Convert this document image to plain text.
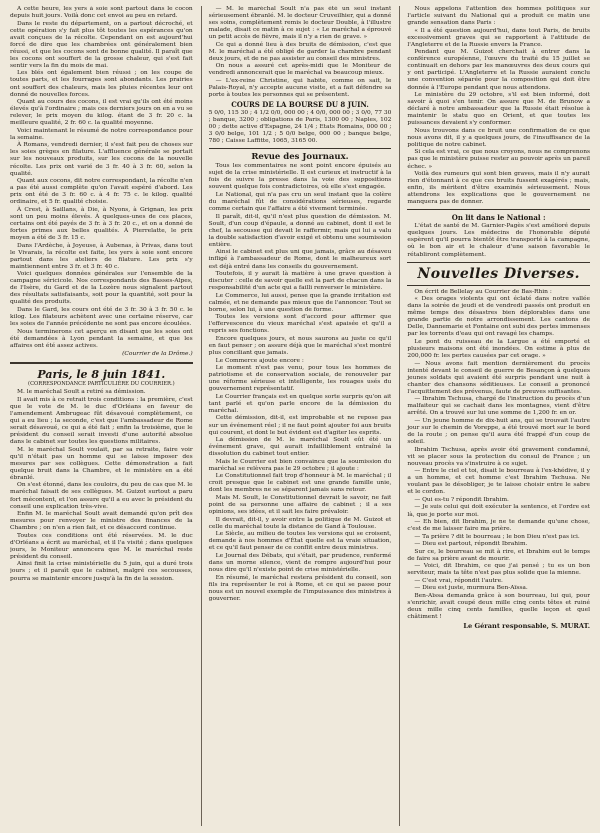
A cette heure, les yers à soie sont partout dans le cocon depuis huit jours. Voilà donc cet envoi au peu en retard.

Dans le reste du département, on a partout décroché, et cette opération s'y fait plus tôt toutes les espérances qu'on avait conçues de la récolte. Cependant on est aujourd'hui forcé de dire que les chambrées ont généralement bien réussi, et que les cocons sont de bonne qualité. Il paraît que les cocons ont souffert de la grosse chaleur, qui s'est fait sentir vers la fin du mois de mai.

Les blés ont également bien réussi ; on les coupe de toutes parts, et les fourrages sont abondants. Les prairies ont souffert des chaleurs, mais les pluies récentes leur ont donné de nouvelles forces.

Quant au cours des cocons, il est vrai qu'ils ont été moins élevés qu'à l'ordinaire ; mais ces derniers jours on en a vu se relever, le prix moyen du kilog. étant de 3 fr. 20 c. la meilleure qualité, 2 fr. 60 c. la qualité moyenne.

Voici maintenant le résumé de notre correspondance pour la semaine.

À Romans, vendredi dernier, il s'est fait peu de choses sur les soies grèges en filature. L'affluence générale se portait sur les nouveaux produits, sur les cocons de la nouvelle récolte. Les prix ont varié de 3 fr. 40 à 3 fr. 60, selon la qualité.

Quant aux cocons, dit notre correspondant, la récolte n'en a pas été aussi complète qu'on l'avait espéré d'abord. Les prix ont été de 3 fr. 60 c. à 4 fr. 75 c. le kilog. qualité ordinaire, et 5 fr. qualité choisie.

À Crest, à Saillans, à Die, à Nyons, à Grignan, les prix sont un peu moins élevés. À quelques-unes de ces places, certains ont été payés de 3 fr. à 3 fr. 20 c., et on a donné de fortes primes aux belles qualités. À Pierrelatte, le prix moyen a été de 3 fr. 15 c.

Dans l'Ardèche, à Joyeuse, à Aubenas, à Privas, dans tout le Vivarais, la récolte est faite, les yers à soie sont encore partout dans les ateliers de filature. Les prix s'y maintiennent entre 3 fr. et 3 fr. 40 c.

Voici quelques données générales sur l'ensemble de la campagne séricicole. Nos correspondants des Basses-Alpes, de l'Isère, du Gard et de la Lozère nous signalent partout des résultats satisfaisants, soit pour la quantité, soit pour la qualité des produits.

Dans le Gard, les cours ont été de 3 fr. 30 à 3 fr. 50 c. le kilog. Les filateurs achètent avec une certaine réserve, car les soies de l'année précédente ne sont pas encore écoulées.

Nous terminerons cet aperçu en disant que les soies ont été demandées à Lyon pendant la semaine, et que les affaires ont été assez actives.

(Courrier de la Drôme.)
Paris, le 8 juin 1841.
(CORRESPONDANCE PARTICULIÈRE DU COURRIER.)

M. le maréchal Soult a retiré sa démission.

Il avait mis à ce retrait trois conditions : la première, c'est que le vote de M. le duc d'Orléans en faveur de l'amendement Ambrugeac fût désavoué complètement, ce qui a eu lieu ; la seconde, c'est que l'ambassadeur de Rome serait désavoué, ce qui a été fait ; enfin la troisième, que le président du conseil serait investi d'une autorité absolue dans le cabinet sur toutes les questions militaires.

M. le maréchal Soult voulait, par sa retraite, faire voir qu'il n'était pas un homme qui se laisse imposer des mesures par ses collègues. Cette démonstration a fait quelque bruit dans la Chambre, et le ministère en a été ébranlé.

On s'est étonné, dans les couloirs, du peu de cas que M. le maréchal faisait de ses collègues. M. Guizot surtout a paru fort mécontent, et l'on assure qu'il a eu avec le président du conseil une explication très-vive.

Enfin M. le maréchal Soult avait demandé qu'on prît des mesures pour renvoyer le ministre des finances de la Chambre ; on n'en a rien fait, et ce désaccord continue.

Toutes ces conditions ont été réservées. M. le duc d'Orléans a écrit au maréchal, et il l'a visité ; dans quelques jours, le Moniteur annoncera que M. le maréchal reste président du conseil.

Ainsi finit la crise ministérielle du 5 juin, qui a duré trois jours ; et il paraît que le cabinet, malgré ces secousses, pourra se maintenir encore jusqu'à la fin de la session.

— M. le maréchal Soult n'a pas été un seul instant sérieusement ébranlé. M. le docteur Cruveilhier, qui a donné ses soins, complètement remis le docteur Double, à l'illustre malade, disait ce matin à ce sujet : « Le maréchal a éprouvé un petit accès de fièvre, mais il n'y a rien de grave. »

Ce qui a donné lieu à des bruits de démission, c'est que M. le maréchal a été obligé de garder la chambre pendant deux jours, et de ne pas assister au conseil des ministres.

On nous a assuré cet après-midi que le Moniteur de vendredi annoncerait que le maréchal va beaucoup mieux.

— L'ex-reine Christine, qui habite, comme on sait, le Palais-Royal, n'y accepte aucune visite, et a fait défendre sa porte à toutes les personnes qui se présentent.

COURS DE LA BOURSE DU 8 JUIN.

5 0/0, 115 30 ; 4 1/2 0/0, 000 00 ; 4 0/0, 000 00 ; 3 0/0, 77 30 ; banque, 3200 ; obligations de Paris, 1300 00 ; Naples, 102 00 ; dette active d'Espagne, 24 1/4 ; Etats Romains, 000 00 ; 3 0/0 belge, 101 1/2 ; 5 0/0 belge, 000 00 ; banque belge, 780 ; Caisse Laffitte, 1065, 3165 00.

Revue des Journaux.

Tous les commentaires ne sont point encore épuisés au sujet de la crise ministérielle. Il est curieux et instructif à la fois de suivre la presse dans la voie des suppositions souvent quelque fois contradictoires, où elle s'est engagée.

Le National, qui n'a pas cru un seul instant que la colère du maréchal fût de considérations sérieuses, regarde comme certain que l'affaire a été vivement terminée.

Il paraît, dit-il, qu'il n'est plus question de démission. M. Soult, d'un coup d'épaule, a donné au cabinet, dont il est le chef, la secousse qui devait le raffermir, mais qui lui a valu la double satisfaction d'avoir exigé et obtenu une soumission entière.

Ainsi le cabinet est plus uni que jamais, grâce au désaveu infligé à l'ambassadeur de Rome, dont le malheureux sort est déjà entré dans les conseils du gouvernement.

Toutefois, il y aurait là matière à une grave question à discuter : celle de savoir quelle est la part de chacun dans la responsabilité d'un acte qui a failli renverser le ministère.

Le Commerce, lui aussi, pense que la grande irritation est calmée, et ne demande pas mieux que de l'annoncer. Tout se borne, selon lui, à une question de forme.

Toutes les versions sont d'accord pour affirmer que l'effervescence du vieux maréchal s'est apaisée et qu'il a repris ses fonctions.

Encore quelques jours, et nous saurons au juste ce qu'il en faut penser ; on assure déjà que le maréchal s'est montré plus conciliant que jamais.

Le Commerce ajoute encore :

Le moment n'est pas venu, pour tous les hommes de patriotisme et de conservation sociale, de renouveler par une réforme sérieuse et intelligente, les rouages usés du gouvernement représentatif.

Le Courrier français est en quelque sorte surpris qu'on ait tant parlé et qu'on parle encore de la démission du maréchal.

Cette démission, dit-il, est improbable et ne repose pas sur un événement réel ; il ne faut point ajouter foi aux bruits qui courent, et dont le but évident est d'agiter les esprits.

La démission de M. le maréchal Soult eût été un événement grave, qui aurait infailliblement entraîné la dissolution du cabinet tout entier.

Mais le Courrier est bien convaincu que la soumission du maréchal se relèvera pas le 29 octobre ; il ajoute :

Le Constitutionnel fait trop d'honneur à M. le maréchal ; il croit presque que le cabinet est une grande famille unie, dont les membres ne se séparent jamais sans retour.

Mais M. Soult, le Constitutionnel devrait le savoir, ne fait point de sa personne une affaire de cabinet ; il a ses opinions, ses idées, et il sait les faire prévaloir.

Il devrait, dit-il, y avoir entre la politique de M. Guizot et celle du maréchal toute la distance de Gand à Toulouse.

Le Siècle, au milieu de toutes les versions qui se croisent, demande à nos hommes d'État quelle est la vraie situation, et ce qu'il faut penser de ce conflit entre deux ministres.

Le Journal des Débats, qui s'était, par prudence, renfermé dans un morne silence, vient de rompre aujourd'hui pour nous dire qu'il n'existe point de crise ministérielle.

En résumé, le maréchal restera président du conseil, son fils ira représenter le roi à Rome, et ce qui se passe pour nous est un nouvel exemple de l'impuissance des ministres à gouverner.

Nous appelons l'attention des hommes politiques sur l'article suivant du National qui a produit ce matin une grande sensation dans Paris :

« Il a été question aujourd'hui, dans tout Paris, de bruits excessivement graves qui se rapportent à l'attitude de l'Angleterre et de la Russie envers la France.

Pendant que M. Guizot cherchait à entrer dans la conférence européenne, l'œuvre du traité du 15 juillet se continuait en dehors par les manœuvres des deux cours qui y ont participé. L'Angleterre et la Russie auraient conclu une convention séparée pour la composition qui doit être donnée à l'Europe pendant que nous attendons.

Le ministère du 29 octobre, s'il est bien informé, doit savoir à quoi s'en tenir. On assure que M. de Brunow a déclaré à notre ambassadeur que la Russie était résolue à maintenir le statu quo en Orient, et que toutes les puissances devaient s'y conformer.

Nous trouvons dans ce bruit une confirmation de ce que nous avons dit, il y a quelques jours, de l'insuffisance de la politique de notre cabinet.

Si cela est vrai, ce que nous croyons, nous ne comprenons pas que le ministère puisse rester au pouvoir après un pareil échec. »

Voilà des rumeurs qui sont bien graves, mais il n'y aurait rien d'étonnant à ce que ces bruits fussent exagérés ; mais, enfin, ils méritent d'être examinés sérieusement. Nous attendrons les explications que le gouvernement ne manquera pas de donner.

On lit dans le National :

L'état de santé de M. Garnier-Pagès s'est amélioré depuis quelques jours. Les médecins de l'honorable député espèrent qu'il pourra bientôt être transporté à la campagne, où le bon air et le chaleur d'une saison favorable le rétabliront complètement.

Nouvelles Diverses.

On écrit de Bellelay au Courrier de Bas-Rhin :

« Des orages violents qui ont éclaté dans notre vallée dans la soirée de jeudi et de vendredi passés ont produit en même temps des désastres bien déplorables dans une grande partie de notre arrondissement. Les cantons de Delle, Dannemarie et Fontaine ont subi des pertes immenses par les torrents d'eau qui ont ravagé les champs.

Le pont du ruisseau de la Largue a été emporté et plusieurs maisons ont été inondées. On estime à plus de 200,000 fr. les pertes causées par cet orage. »

— Nous avons fait mention dernièrement du procès intenté devant le conseil de guerre de Besançon à quelques jeunes soldats qui avaient été surpris pendant une nuit à chanter des chansons séditieuses. Le conseil a prononcé l'acquittement des prévenus, faute de preuves suffisantes.

— Ibrahim Tschusa, chargé de l'instruction du procès d'un malfaiteur qui se cachait dans les montagnes, vient d'être arrêté. On a trouvé sur lui une somme de 1,200 fr. en or.

— Un jeune homme de dix-huit ans, qui se trouvait l'autre jour sur le chemin de Voreppe, a été trouvé mort sur le bord de la route ; on pense qu'il aura été frappé d'un coup de soleil.

Ibrahim Tschusa, après avoir été gravement condamné, vit se placer sous la protection du consul de France ; un nouveau procès va s'instruire à ce sujet.

— Entre le ciel et toi, disait le bourreau à l'ex-khédive, il y a un homme, et cet homme c'est Ibrahim Tschusa. Ne voulant pas le désobliger, je te laisse choisir entre le sabre et le cordon.

— Qui es-tu ? répondit Ibrahim.

— Je suis celui qui doit exécuter la sentence, et l'ordre est là, que je porte sur moi.

— Eh bien, dit Ibrahim, je ne te demande qu'une chose, c'est de me laisser faire ma prière.

— Ta prière ? dit le bourreau ; le bon Dieu n'est pas ici.

— Dieu est partout, répondit Ibrahim.

Sur ce, le bourreau se mit à rire, et Ibrahim eut le temps de faire sa prière avant de mourir.

— Voici, dit Ibrahim, ce que j'ai pensé ; tu es un bon serviteur, mais ta tête n'est pas plus solide que la mienne.

— C'est vrai, répondit l'autre.

— Dieu est juste, murmura Ben-Aïssa.

Ben-Aïssa demanda grâce à son bourreau, lui qui, pour s'enrichir, avait coupé deux mille cinq cents têtes et ruiné deux mille cinq cents familles, quelle leçon et quel châtiment !

Le Gérant responsable, S. MURAT.
